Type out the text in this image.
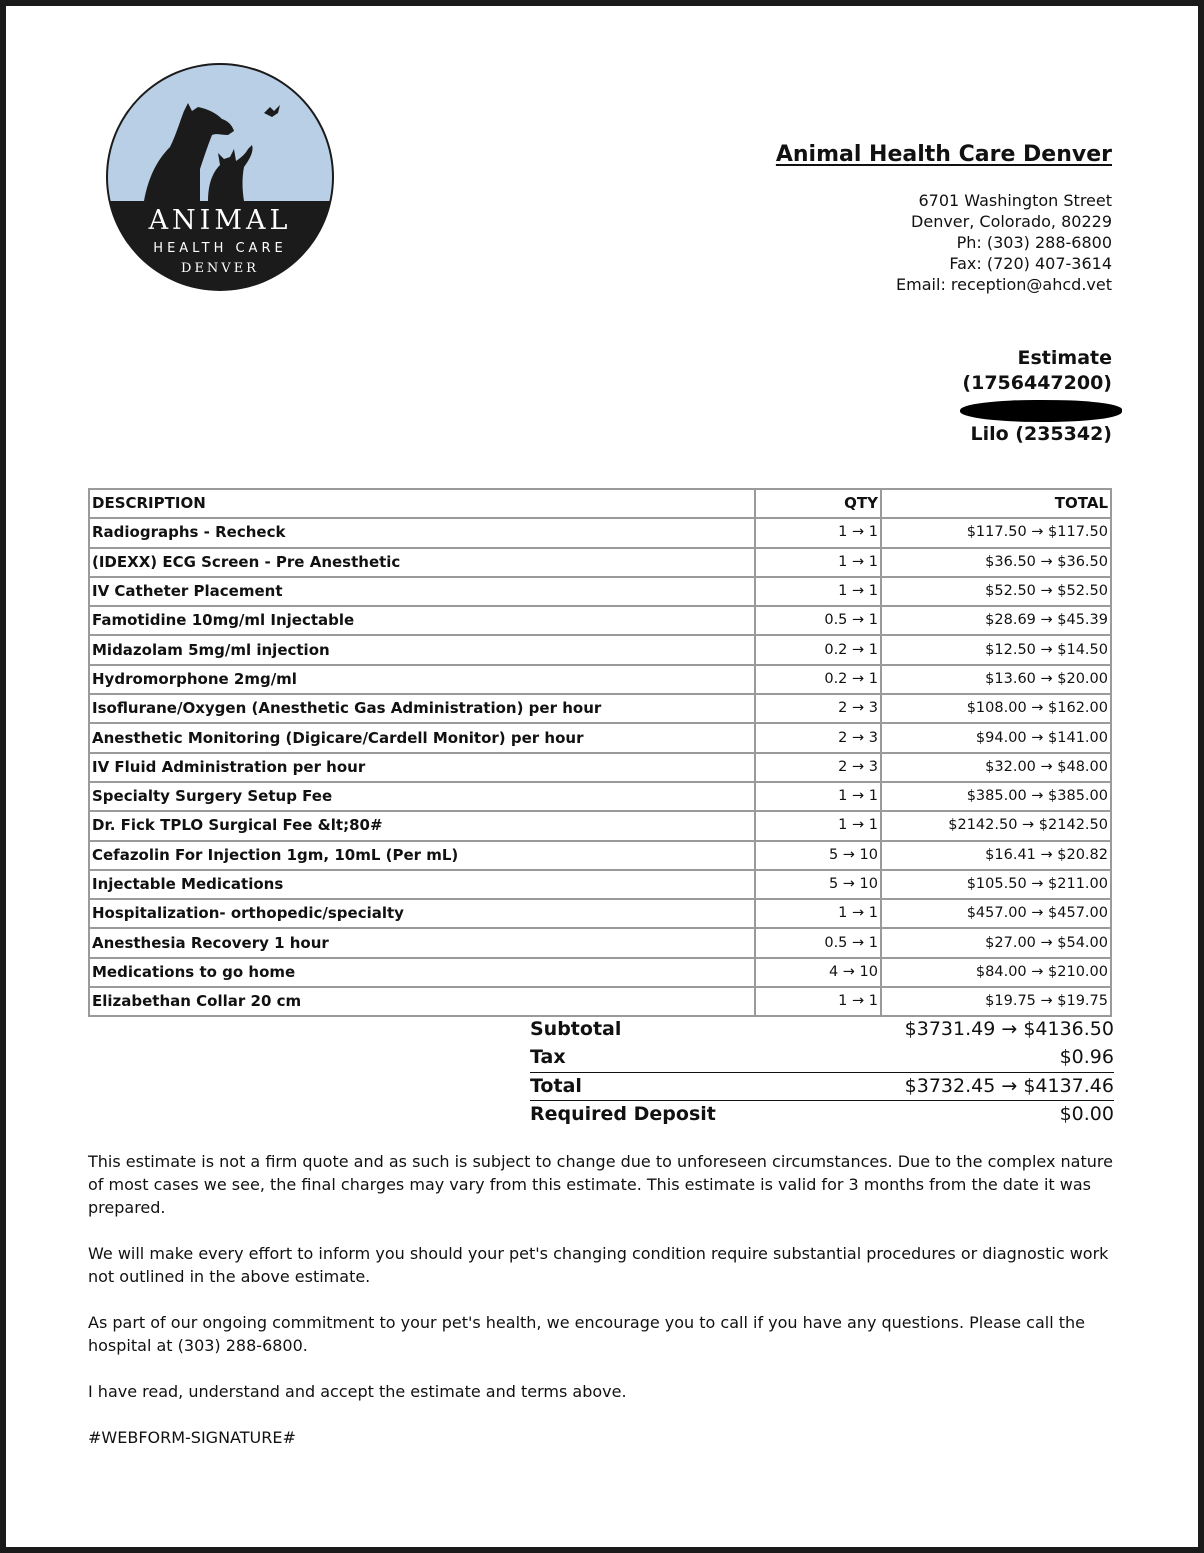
ANIMAL
HEALTH CARE
DENVER
Animal Health Care Denver
6701 Washington Street
Denver, Colorado, 80229
Ph: (303) 288-6800
Fax: (720) 407-3614
Email: reception@ahcd.vet
Estimate
(1756447200)
Lilo (235342)
DESCRIPTION	QTY	TOTAL
Radiographs - Recheck	1 → 1	$117.50 → $117.50
(IDEXX) ECG Screen - Pre Anesthetic	1 → 1	$36.50 → $36.50
IV Catheter Placement	1 → 1	$52.50 → $52.50
Famotidine 10mg/ml Injectable	0.5 → 1	$28.69 → $45.39
Midazolam 5mg/ml injection	0.2 → 1	$12.50 → $14.50
Hydromorphone 2mg/ml	0.2 → 1	$13.60 → $20.00
Isoflurane/Oxygen (Anesthetic Gas Administration) per hour	2 → 3	$108.00 → $162.00
Anesthetic Monitoring (Digicare/Cardell Monitor) per hour	2 → 3	$94.00 → $141.00
IV Fluid Administration per hour	2 → 3	$32.00 → $48.00
Specialty Surgery Setup Fee	1 → 1	$385.00 → $385.00
Dr. Fick TPLO Surgical Fee &lt;80#	1 → 1	$2142.50 → $2142.50
Cefazolin For Injection 1gm, 10mL (Per mL)	5 → 10	$16.41 → $20.82
Injectable Medications	5 → 10	$105.50 → $211.00
Hospitalization- orthopedic/specialty	1 → 1	$457.00 → $457.00
Anesthesia Recovery 1 hour	0.5 → 1	$27.00 → $54.00
Medications to go home	4 → 10	$84.00 → $210.00
Elizabethan Collar 20 cm	1 → 1	$19.75 → $19.75
Subtotal	$3731.49 → $4136.50
Tax	$0.96
Total	$3732.45 → $4137.46
Required Deposit	$0.00

This estimate is not a firm quote and as such is subject to change due to unforeseen circumstances. Due to the complex nature of most cases we see, the final charges may vary from this estimate. This estimate is valid for 3 months from the date it was prepared.

We will make every effort to inform you should your pet's changing condition require substantial procedures or diagnostic work not outlined in the above estimate.

As part of our ongoing commitment to your pet's health, we encourage you to call if you have any questions. Please call the hospital at (303) 288-6800.

I have read, understand and accept the estimate and terms above.

#WEBFORM-SIGNATURE#
